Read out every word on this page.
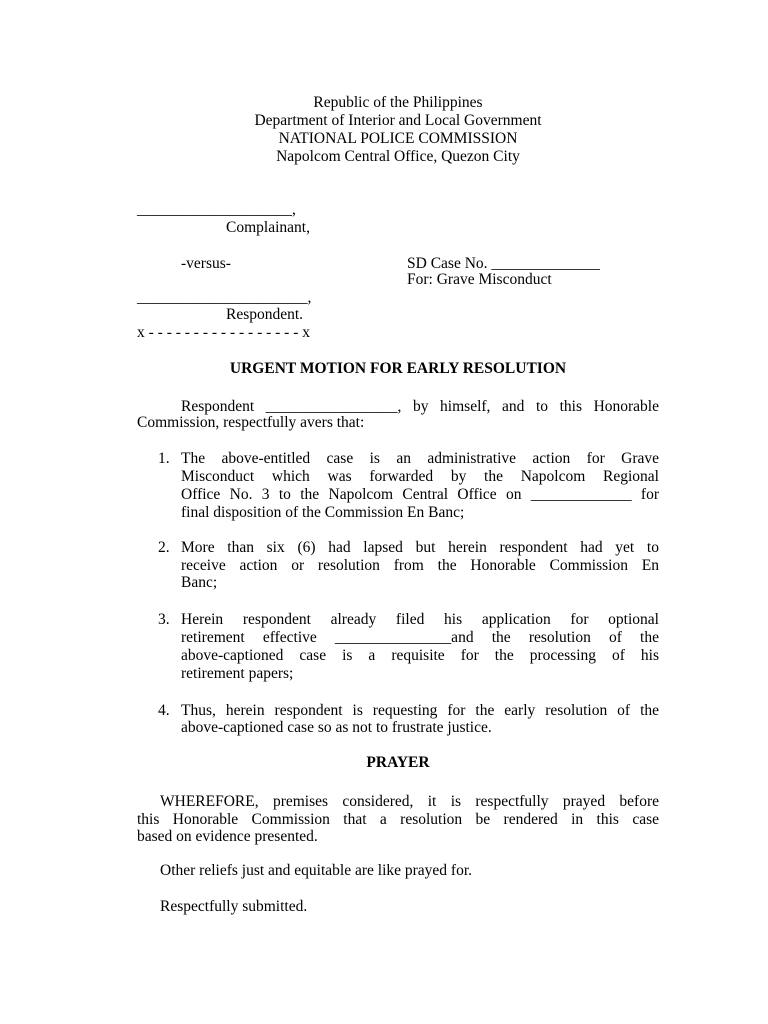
Republic of the Philippines
Department of Interior and Local Government
NATIONAL POLICE COMMISSION
Napolcom Central Office, Quezon City
____________________,
Complainant,
-versus-	SD Case No. ______________
For: Grave Misconduct
______________________,
Respondent.
x - - - - - - - - - - - - - - - - - x
URGENT MOTION FOR EARLY RESOLUTION
Respondent _________________, by himself, and to this Honorable
Commission, respectfully avers that:
1. The above-entitled case is an administrative action for Grave
Misconduct which was forwarded by the Napolcom Regional
Office No. 3 to the Napolcom Central Office on _____________ for
final disposition of the Commission En Banc;
2. More than six (6) had lapsed but herein respondent had yet to
receive action or resolution from the Honorable Commission En
Banc;
3. Herein respondent already filed his application for optional
retirement effective _______________and the resolution of the
above-captioned case is a requisite for the processing of his
retirement papers;
4. Thus, herein respondent is requesting for the early resolution of the
above-captioned case so as not to frustrate justice.
PRAYER
WHEREFORE, premises considered, it is respectfully prayed before
this Honorable Commission that a resolution be rendered in this case
based on evidence presented.
Other reliefs just and equitable are like prayed for.
Respectfully submitted.
